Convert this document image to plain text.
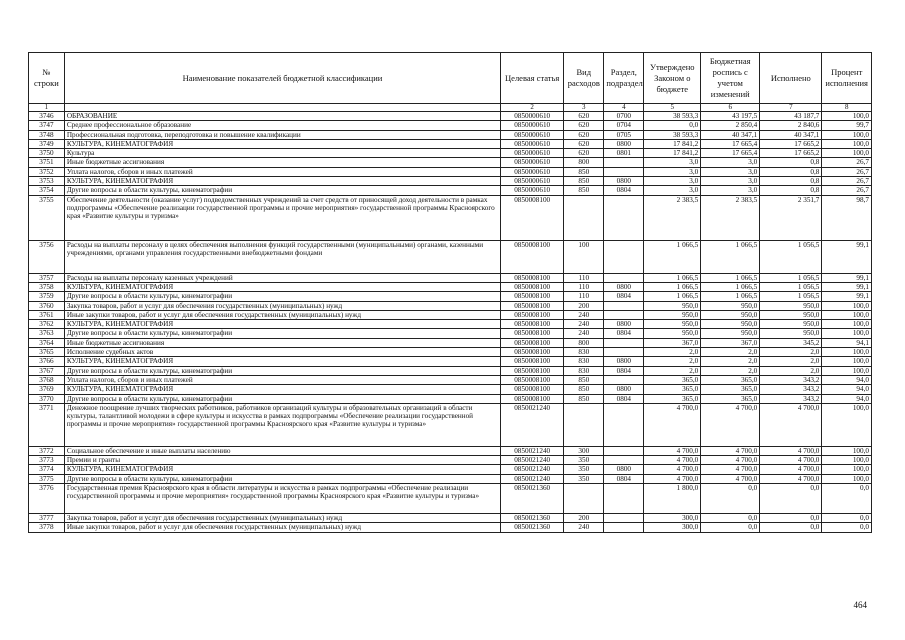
№ строки	Наименование показателей бюджетной классификации	Целевая статья	Вид расходов	Раздел, подраздел	Утверждено Законом о бюджете	Бюджетная роспись с учетом изменений	Исполнено	Процент исполнения
1		2	3	4	5	6	7	8
3746	ОБРАЗОВАНИЕ	0850000610	620	0700	38 593,3	43 197,5	43 187,7	100,0
3747	Среднее профессиональное образование	0850000610	620	0704	0,0	2 850,4	2 840,6	99,7
3748	Профессиональная подготовка, переподготовка и повышение квалификации	0850000610	620	0705	38 593,3	40 347,1	40 347,1	100,0
3749	КУЛЬТУРА, КИНЕМАТОГРАФИЯ	0850000610	620	0800	17 841,2	17 665,4	17 665,2	100,0
3750	Культура	0850000610	620	0801	17 841,2	17 665,4	17 665,2	100,0
3751	Иные бюджетные ассигнования	0850000610	800		3,0	3,0	0,8	26,7
3752	Уплата налогов, сборов и иных платежей	0850000610	850		3,0	3,0	0,8	26,7
3753	КУЛЬТУРА, КИНЕМАТОГРАФИЯ	0850000610	850	0800	3,0	3,0	0,8	26,7
3754	Другие вопросы в области культуры, кинематографии	0850000610	850	0804	3,0	3,0	0,8	26,7
3755	Обеспечение деятельности (оказание услуг) подведомственных учреждений за счет средств от приносящей доход деятельности в рамках подпрограммы «Обеспечение реализации государственной программы и прочие мероприятия» государственной программы Красноярского края «Развитие культуры и туризма»	0850008100			2 383,5	2 383,5	2 351,7	98,7
3756	Расходы на выплаты персоналу в целях обеспечения выполнения функций государственными (муниципальными) органами, казенными учреждениями, органами управления государственными внебюджетными фондами	0850008100	100		1 066,5	1 066,5	1 056,5	99,1
3757	Расходы на выплаты персоналу казенных учреждений	0850008100	110		1 066,5	1 066,5	1 056,5	99,1
3758	КУЛЬТУРА, КИНЕМАТОГРАФИЯ	0850008100	110	0800	1 066,5	1 066,5	1 056,5	99,1
3759	Другие вопросы в области культуры, кинематографии	0850008100	110	0804	1 066,5	1 066,5	1 056,5	99,1
3760	Закупка товаров, работ и услуг для обеспечения государственных (муниципальных) нужд	0850008100	200		950,0	950,0	950,0	100,0
3761	Иные закупки товаров, работ и услуг для обеспечения государственных (муниципальных) нужд	0850008100	240		950,0	950,0	950,0	100,0
3762	КУЛЬТУРА, КИНЕМАТОГРАФИЯ	0850008100	240	0800	950,0	950,0	950,0	100,0
3763	Другие вопросы в области культуры, кинематографии	0850008100	240	0804	950,0	950,0	950,0	100,0
3764	Иные бюджетные ассигнования	0850008100	800		367,0	367,0	345,2	94,1
3765	Исполнение судебных актов	0850008100	830		2,0	2,0	2,0	100,0
3766	КУЛЬТУРА, КИНЕМАТОГРАФИЯ	0850008100	830	0800	2,0	2,0	2,0	100,0
3767	Другие вопросы в области культуры, кинематографии	0850008100	830	0804	2,0	2,0	2,0	100,0
3768	Уплата налогов, сборов и иных платежей	0850008100	850		365,0	365,0	343,2	94,0
3769	КУЛЬТУРА, КИНЕМАТОГРАФИЯ	0850008100	850	0800	365,0	365,0	343,2	94,0
3770	Другие вопросы в области культуры, кинематографии	0850008100	850	0804	365,0	365,0	343,2	94,0
3771	Денежное поощрение лучших творческих работников, работников организаций культуры и образовательных организаций в области культуры, талантливой молодежи в сфере культуры и искусства в рамках подпрограммы «Обеспечение реализации государственной программы и прочие мероприятия» государственной программы Красноярского края «Развитие культуры и туризма»	0850021240			4 700,0	4 700,0	4 700,0	100,0
3772	Социальное обеспечение и иные выплаты населению	0850021240	300		4 700,0	4 700,0	4 700,0	100,0
3773	Премии и гранты	0850021240	350		4 700,0	4 700,0	4 700,0	100,0
3774	КУЛЬТУРА, КИНЕМАТОГРАФИЯ	0850021240	350	0800	4 700,0	4 700,0	4 700,0	100,0
3775	Другие вопросы в области культуры, кинематографии	0850021240	350	0804	4 700,0	4 700,0	4 700,0	100,0
3776	Государственная премия Красноярского края в области литературы и искусства в рамках подпрограммы «Обеспечение реализации государственной программы и прочие мероприятия» государственной программы Красноярского края «Развитие культуры и туризма»	0850021360			1 800,0	0,0	0,0	0,0
3777	Закупка товаров, работ и услуг для обеспечения государственных (муниципальных) нужд	0850021360	200		300,0	0,0	0,0	0,0
3778	Иные закупки товаров, работ и услуг для обеспечения государственных (муниципальных) нужд	0850021360	240		300,0	0,0	0,0	0,0
464
